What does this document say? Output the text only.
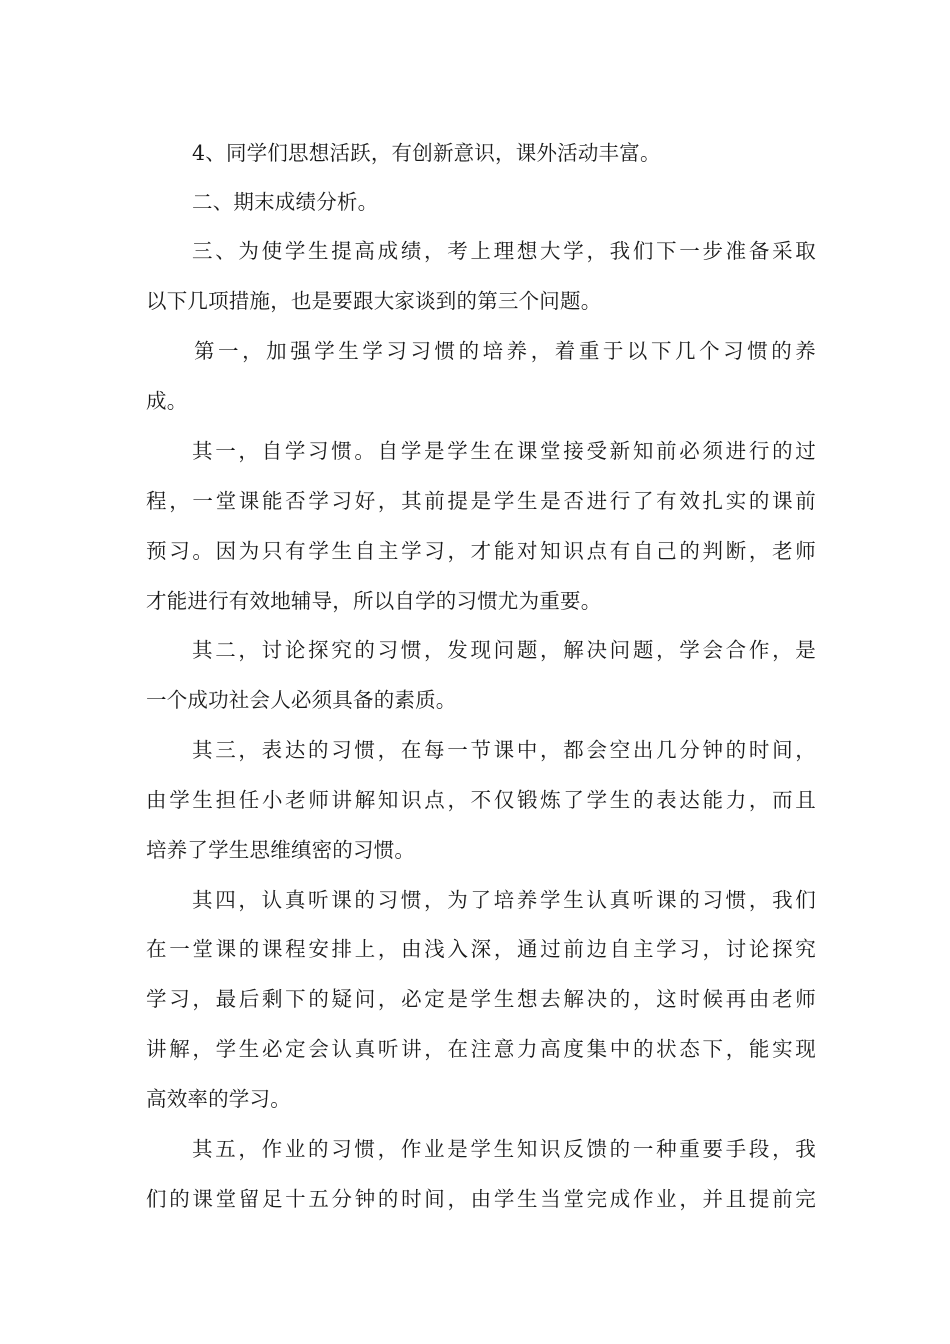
4、同学们思想活跃，有创新意识，课外活动丰富。
二、期末成绩分析。
三、为使学生提高成绩，考上理想大学，我们下一步准备采取
以下几项措施，也是要跟大家谈到的第三个问题。
第一，加强学生学习习惯的培养，着重于以下几个习惯的养
成。
其一，自学习惯。自学是学生在课堂接受新知前必须进行的过
程，一堂课能否学习好，其前提是学生是否进行了有效扎实的课前
预习。因为只有学生自主学习，才能对知识点有自己的判断，老师
才能进行有效地辅导，所以自学的习惯尤为重要。
其二，讨论探究的习惯，发现问题，解决问题，学会合作，是
一个成功社会人必须具备的素质。
其三，表达的习惯，在每一节课中，都会空出几分钟的时间，
由学生担任小老师讲解知识点，不仅锻炼了学生的表达能力，而且
培养了学生思维缜密的习惯。
其四，认真听课的习惯，为了培养学生认真听课的习惯，我们
在一堂课的课程安排上，由浅入深，通过前边自主学习，讨论探究
学习，最后剩下的疑问，必定是学生想去解决的，这时候再由老师
讲解，学生必定会认真听讲，在注意力高度集中的状态下，能实现
高效率的学习。
其五，作业的习惯，作业是学生知识反馈的一种重要手段，我
们的课堂留足十五分钟的时间，由学生当堂完成作业，并且提前完
